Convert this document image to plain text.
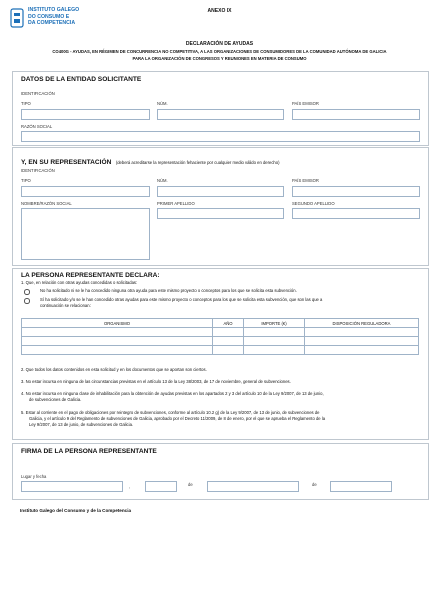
INSTITUTO GALEGO
DO CONSUMO E
DA COMPETENCIA
ANEXO IX
DECLARACIÓN DE AYUDAS
CO400G - AYUDAS, EN RÉGIMEN DE CONCURRENCIA NO COMPETITIVA, A LAS ORGANIZACIONES DE CONSUMIDORES DE LA COMUNIDAD AUTÓNOMA DE GALICIA
PARA LA ORGANIZACIÓN DE CONGRESOS Y REUNIONES EN MATERIA DE CONSUMO
DATOS DE LA ENTIDAD SOLICITANTE
IDENTIFICACIÓN
TIPO	NÚM.	PAÍS EMISOR
RAZÓN SOCIAL
Y, EN SU REPRESENTACIÓN (deberá acreditarse la representación fehaciente por cualquier medio válido en derecho)
IDENTIFICACIÓN
TIPO	NÚM.	PAÍS EMISOR
NOMBRE/RAZÓN SOCIAL	PRIMER APELLIDO	SEGUNDO APELLIDO
LA PERSONA REPRESENTANTE DECLARA:
1. Que, en relación con otras ayudas concedidas o solicitadas:
No ha solicitado ni se le ha concedido ninguna otra ayuda para este mismo proyecto o conceptos para los que se solicita esta subvención.
Sí ha solicitado y/o se le han concedido otras ayudas para este mismo proyecto o conceptos para los que se solicita esta subvención, que son las que a
continuación se relacionan:
ORGANISMO	AÑO	IMPORTE (€)	DISPOSICIÓN REGULADORA

2. Que todos los datos contenidos en esta solicitud y en los documentos que se aportan son ciertos.
3. No estar incursa en ninguna de las circunstancias previstas en el artículo 13 de la Ley 38/2003, de 17 de noviembre, general de subvenciones.
4. No estar incursa en ninguna clase de inhabilitación para la obtención de ayudas previstas en los apartados 2 y 3 del artículo 10 de la Ley 9/2007, de 13 de junio,
de subvenciones de Galicia.
5. Estar al corriente en el pago de obligaciones por reintegro de subvenciones, conforme al artículo 10.2 g) de la Ley 9/2007, de 13 de junio, de subvenciones de
Galicia, y el artículo 9 del Reglamento de subvenciones de Galicia, aprobado por el Decreto 11/2009, de 8 de enero, por el que se aprueba el Reglamento de la
Ley 9/2007, de 13 de junio, de subvenciones de Galicia.
FIRMA DE LA PERSONA REPRESENTANTE
Lugar y fecha
,	de	de
Instituto Galego del Consumo y de la Competencia
